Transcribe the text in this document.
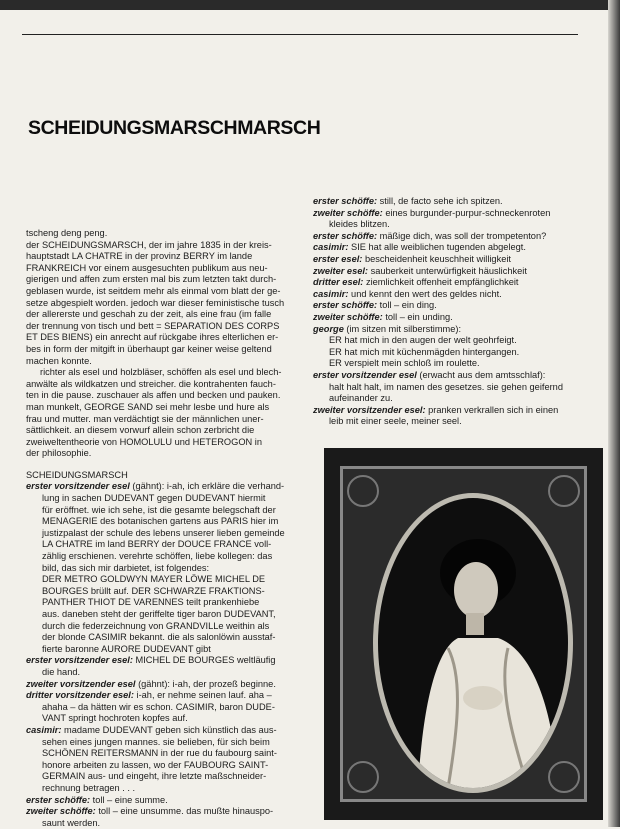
SCHEIDUNGSMARSCHMARSCH

tscheng deng peng.

der SCHEIDUNGSMARSCH, der im jahre 1835 in der kreis-

hauptstadt LA CHATRE in der provinz BERRY im lande

FRANKREICH vor einem ausgesuchten publikum aus neu-

gierigen und affen zum ersten mal bis zum letzten takt durch-

geblasen wurde, ist seitdem mehr als einmal vom blatt der ge-

setze abgespielt worden. jedoch war dieser feministische tusch

der allererste und geschah zu der zeit, als eine frau (im falle

der trennung von tisch und bett = SEPARATION DES CORPS

ET DES BIENS) ein anrecht auf rückgabe ihres elterlichen er-

bes in form der mitgift in überhaupt gar keiner weise geltend

machen konnte.

richter als esel und holzbläser, schöffen als esel und blech-

anwälte als wildkatzen und streicher. die kontrahenten fauch-

ten in die pause. zuschauer als affen und becken und pauken.

man munkelt, GEORGE SAND sei mehr lesbe und hure als

frau und mutter. man verdächtigt sie der männlichen uner-

sättlichkeit. an diesem vorwurf allein schon zerbricht die

zweiweltentheorie von HOMOLULU und HETEROGON in

der philosophie.

SCHEIDUNGSMARSCH

erster vorsitzender esel (gähnt): i-ah, ich erkläre die verhand-

lung in sachen DUDEVANT gegen DUDEVANT hiermit

für eröffnet. wie ich sehe, ist die gesamte belegschaft der

MENAGERIE des botanischen gartens aus PARIS hier im

justizpalast der schule des lebens unserer lieben gemeinde

LA CHATRE im land BERRY der DOUCE FRANCE voll-

zählig erschienen. verehrte schöffen, liebe kollegen: das

bild, das sich mir darbietet, ist folgendes:

DER METRO GOLDWYN MAYER LÖWE MICHEL DE

BOURGES brüllt auf. DER SCHWARZE FRAKTIONS-

PANTHER THIOT DE VARENNES teilt prankenhiebe

aus. daneben steht der geriffelte tiger baron DUDEVANT,

durch die federzeichnung von GRANDVILLe weithin als

der blonde CASIMIR bekannt. die als salonlöwin ausstaf-

fierte baronne AURORE DUDEVANT gibt

erster vorsitzender esel: MICHEL DE BOURGES weltläufig

die hand.

zweiter vorsitzender esel (gähnt): i-ah, der prozeß beginne.

dritter vorsitzender esel: i-ah, er nehme seinen lauf. aha –

ahaha – da hätten wir es schon. CASIMIR, baron DUDE-

VANT springt hochroten kopfes auf.

casimir: madame DUDEVANT geben sich künstlich das aus-

sehen eines jungen mannes. sie belieben, für sich beim

SCHÖNEN REITERSMANN in der rue du faubourg saint-

honore arbeiten zu lassen, wo der FAUBOURG SAINT-

GERMAIN aus- und eingeht, ihre letzte maßschneider-

rechnung betragen . . .

erster schöffe: toll – eine summe.

zweiter schöffe: toll – eine unsumme. das mußte hinauspo-

saunt werden.

erster schöffe: still, de facto sehe ich spitzen.

zweiter schöffe: eines burgunder-purpur-schneckenroten

kleides blitzen.

erster schöffe: mäßige dich, was soll der trompetenton?

casimir: SIE hat alle weiblichen tugenden abgelegt.

erster esel: bescheidenheit keuschheit willigkeit

zweiter esel: sauberkeit unterwürfigkeit häuslichkeit

dritter esel: ziemlichkeit offenheit empfänglichkeit

casimir: und kennt den wert des geldes nicht.

erster schöffe: toll – ein ding.

zweiter schöffe: toll – ein unding.

george (im sitzen mit silberstimme):

ER hat mich in den augen der welt geohrfeigt.

ER hat mich mit küchenmägden hintergangen.

ER verspielt mein schloß im roulette.

erster vorsitzender esel (erwacht aus dem amtsschlaf):

halt halt halt, im namen des gesetzes. sie gehen geifernd

aufeinander zu.

zweiter vorsitzender esel: pranken verkrallen sich in einen

leib mit einer seele, meiner seel.
